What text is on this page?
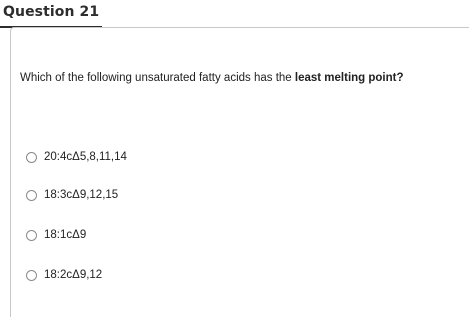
Question 21
Which of the following unsaturated fatty acids has the least melting point?
20:4cΔ5,8,11,14
18:3cΔ9,12,15
18:1cΔ9
18:2cΔ9,12
